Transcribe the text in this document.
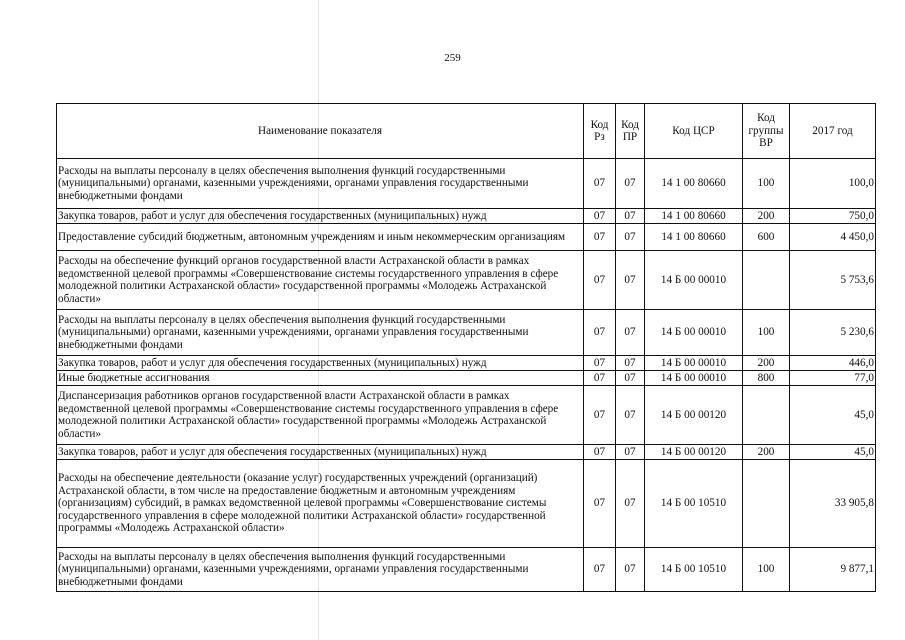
259
Наименование показателя	Код Рз	Код ПР	Код ЦСР	Код группы ВР	2017 год
Расходы на выплаты персоналу в целях обеспечения выполнения функций государственными (муниципальными) органами, казенными учреждениями, органами управления государственными внебюджетными фондами	07	07	14 1 00 80660	100	100,0
Закупка товаров, работ и услуг для обеспечения государственных (муниципальных) нужд	07	07	14 1 00 80660	200	750,0
Предоставление субсидий бюджетным, автономным учреждениям и иным некоммерческим организациям	07	07	14 1 00 80660	600	4 450,0
Расходы на обеспечение функций органов государственной власти Астраханской области в рамках ведомственной целевой программы «Совершенствование системы государственного управления в сфере молодежной политики Астраханской области» государственной программы «Молодежь Астраханской области»	07	07	14 Б 00 00010		5 753,6
Расходы на выплаты персоналу в целях обеспечения выполнения функций государственными (муниципальными) органами, казенными учреждениями, органами управления государственными внебюджетными фондами	07	07	14 Б 00 00010	100	5 230,6
Закупка товаров, работ и услуг для обеспечения государственных (муниципальных) нужд	07	07	14 Б 00 00010	200	446,0
Иные бюджетные ассигнования	07	07	14 Б 00 00010	800	77,0
Диспансеризация работников органов государственной власти Астраханской области в рамках ведомственной целевой программы «Совершенствование системы государственного управления в сфере молодежной политики Астраханской области» государственной программы «Молодежь Астраханской области»	07	07	14 Б 00 00120		45,0
Закупка товаров, работ и услуг для обеспечения государственных (муниципальных) нужд	07	07	14 Б 00 00120	200	45,0
Расходы на обеспечение деятельности (оказание услуг) государственных учреждений (организаций) Астраханской области, в том числе на предоставление бюджетным и автономным учреждениям (организациям) субсидий, в рамках ведомственной целевой программы «Совершенствование системы государственного управления в сфере молодежной политики Астраханской области» государственной программы «Молодежь Астраханской области»	07	07	14 Б 00 10510		33 905,8
Расходы на выплаты персоналу в целях обеспечения выполнения функций государственными (муниципальными) органами, казенными учреждениями, органами управления государственными внебюджетными фондами	07	07	14 Б 00 10510	100	9 877,1
